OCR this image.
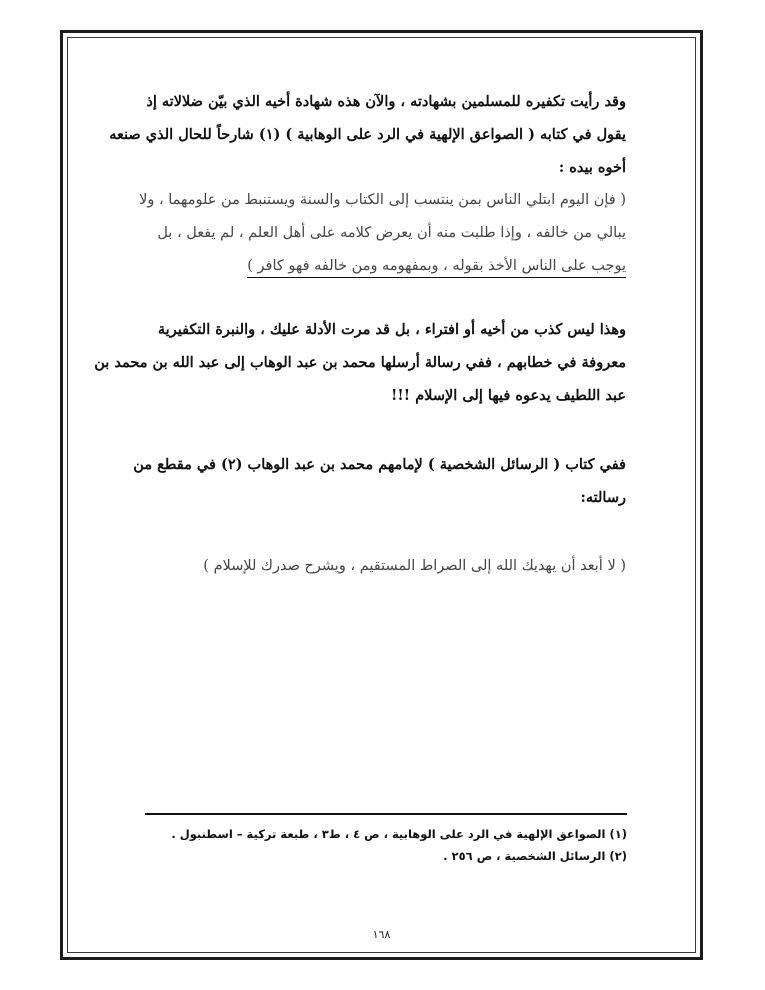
وقد رأيت تكفيره للمسلمين بشهادته ، والآن هذه شهادة أخيه الذي بيّن ضلالاته إذ
يقول في كتابه ( الصواعق الإلهية في الرد على الوهابية ) (١) شارحاً للحال الذي صنعه
أخوه بيده :
( فإن اليوم ابتلي الناس بمن ينتسب إلى الكتاب والسنة ويستنبط من علومهما ، ولا
يبالي من خالفه ، وإذا طلبت منه أن يعرض كلامه على أهل العلم ، لم يفعل ، بل
يوجب على الناس الأخذ بقوله ، وبمفهومه ومن خالفه فهو كافر )
وهذا ليس كذب من أخيه أو افتراء ، بل قد مرت الأدلة عليك ، والنبرة التكفيرية
معروفة في خطابهم ، ففي رسالة أرسلها محمد بن عبد الوهاب إلى عبد الله بن محمد بن
عبد اللطيف يدعوه فيها إلى الإسلام !!!
ففي كتاب ( الرسائل الشخصية ) لإمامهم محمد بن عبد الوهاب (٢) في مقطع من
رسالته:
( لا أبعد أن يهديك الله إلى الصراط المستقيم ، ويشرح صدرك للإسلام )
(١) الصواعق الإلهية في الرد على الوهابية ، ص ٤ ، ط٣ ، طبعة تركية – اسطنبول .
(٢) الرسائل الشخصية ، ص ٢٥٦ .
١٦٨
